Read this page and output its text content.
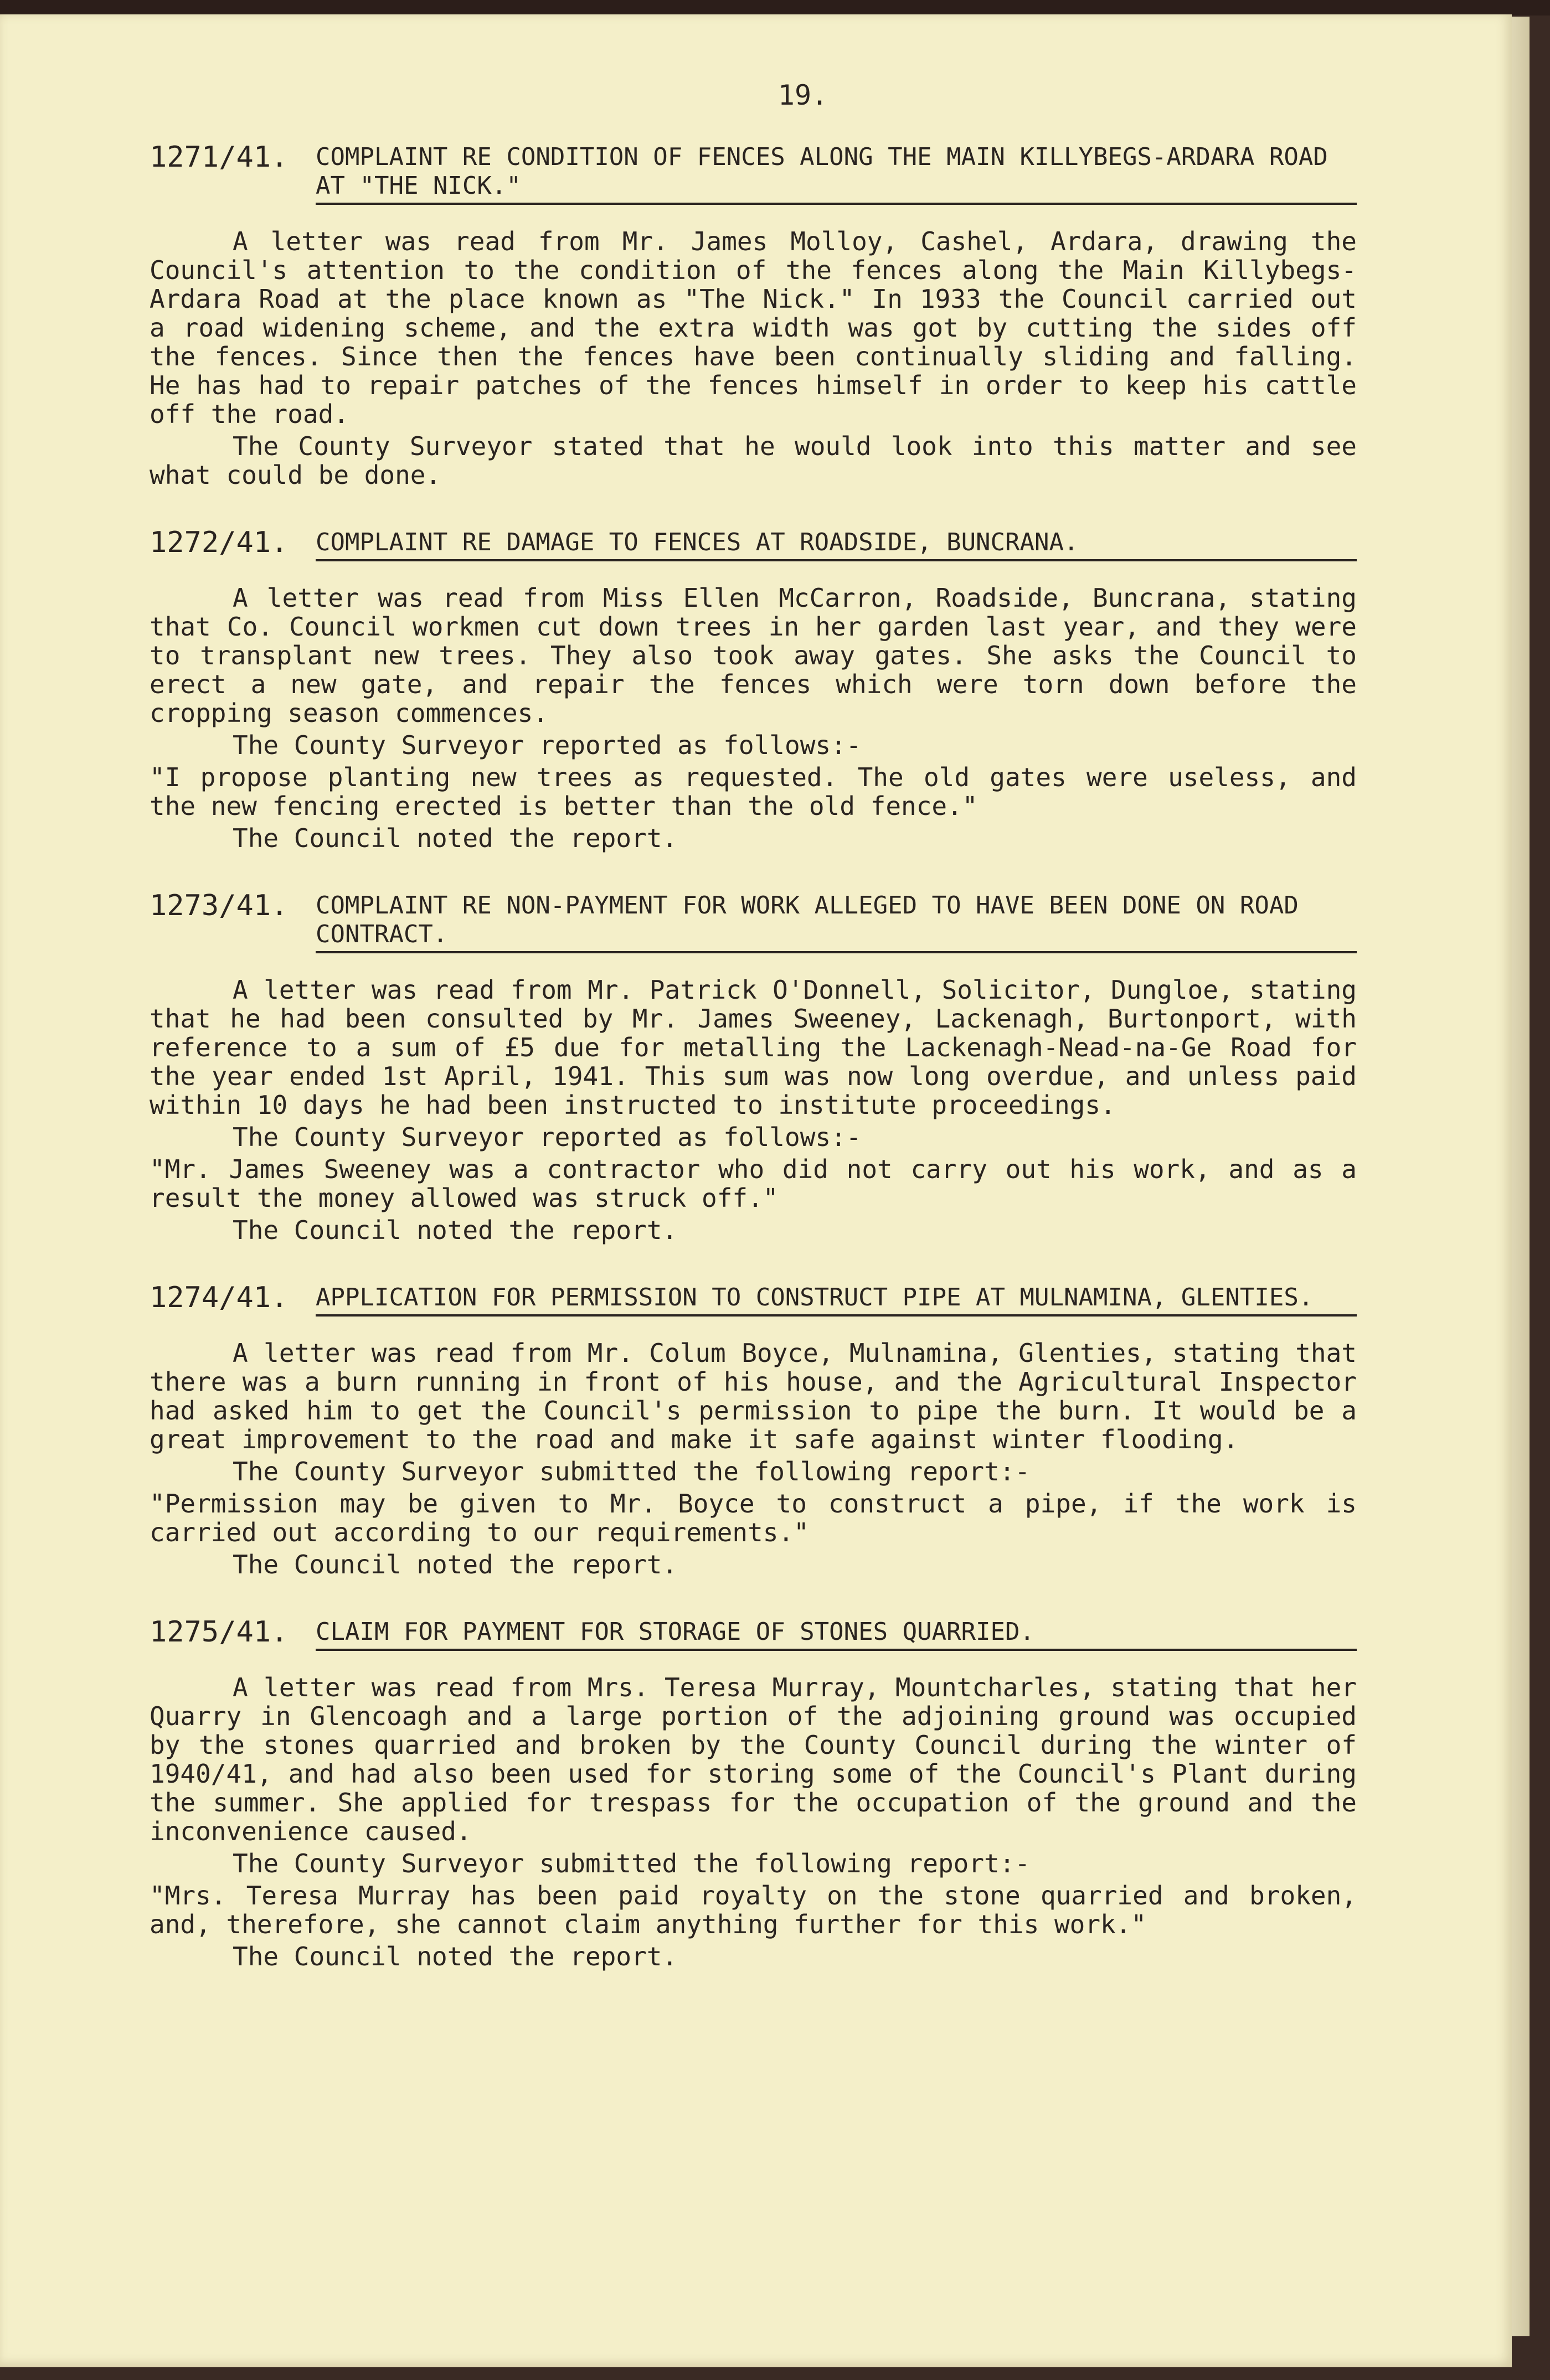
19.
1271/41.	COMPLAINT RE CONDITION OF FENCES ALONG THE MAIN KILLYBEGS-ARDARA ROAD AT "THE NICK."

A letter was read from Mr. James Molloy, Cashel, Ardara, drawing the Council's attention to the condition of the fences along the Main Killybegs-Ardara Road at the place known as "The Nick." In 1933 the Council carried out a road widening scheme, and the extra width was got by cutting the sides off the fences. Since then the fences have been continually sliding and falling. He has had to repair patches of the fences himself in order to keep his cattle off the road.

The County Surveyor stated that he would look into this matter and see what could be done.

1272/41.	COMPLAINT RE DAMAGE TO FENCES AT ROADSIDE, BUNCRANA.

A letter was read from Miss Ellen McCarron, Roadside, Buncrana, stating that Co. Council workmen cut down trees in her garden last year, and they were to transplant new trees. They also took away gates. She asks the Council to erect a new gate, and repair the fences which were torn down before the cropping season commences.

The County Surveyor reported as follows:-

"I propose planting new trees as requested. The old gates were useless, and the new fencing erected is better than the old fence."

The Council noted the report.

1273/41.	COMPLAINT RE NON-PAYMENT FOR WORK ALLEGED TO HAVE BEEN DONE ON ROAD CONTRACT.

A letter was read from Mr. Patrick O'Donnell, Solicitor, Dungloe, stating that he had been consulted by Mr. James Sweeney, Lackenagh, Burtonport, with reference to a sum of £5 due for metalling the Lackenagh-Nead-na-Ge Road for the year ended 1st April, 1941. This sum was now long overdue, and unless paid within 10 days he had been instructed to institute proceedings.

The County Surveyor reported as follows:-

"Mr. James Sweeney was a contractor who did not carry out his work, and as a result the money allowed was struck off."

The Council noted the report.

1274/41.	APPLICATION FOR PERMISSION TO CONSTRUCT PIPE AT MULNAMINA, GLENTIES.

A letter was read from Mr. Colum Boyce, Mulnamina, Glenties, stating that there was a burn running in front of his house, and the Agricultural Inspector had asked him to get the Council's permission to pipe the burn. It would be a great improvement to the road and make it safe against winter flooding.

The County Surveyor submitted the following report:-

"Permission may be given to Mr. Boyce to construct a pipe, if the work is carried out according to our requirements."

The Council noted the report.

1275/41.	CLAIM FOR PAYMENT FOR STORAGE OF STONES QUARRIED.

A letter was read from Mrs. Teresa Murray, Mountcharles, stating that her Quarry in Glencoagh and a large portion of the adjoining ground was occupied by the stones quarried and broken by the County Council during the winter of 1940/41, and had also been used for storing some of the Council's Plant during the summer. She applied for trespass for the occupation of the ground and the inconvenience caused.

The County Surveyor submitted the following report:-

"Mrs. Teresa Murray has been paid royalty on the stone quarried and broken, and, therefore, she cannot claim anything further for this work."

The Council noted the report.
